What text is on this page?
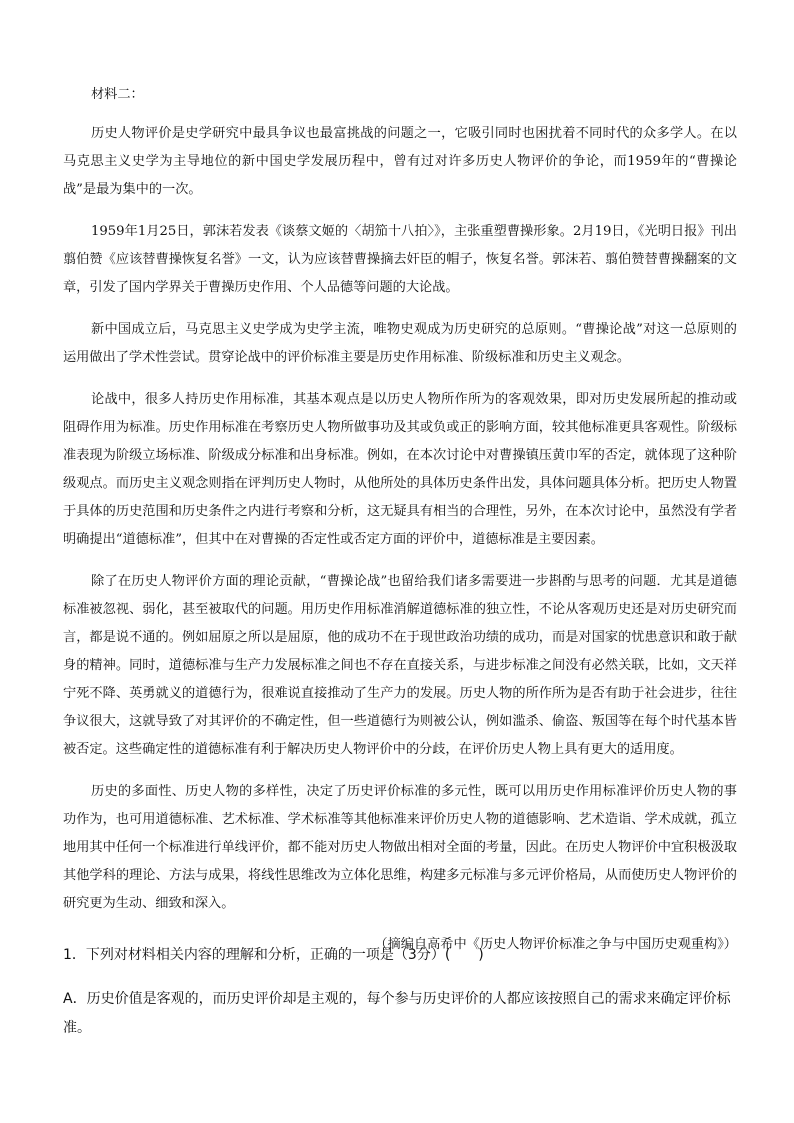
材料二：

历史人物评价是史学研究中最具争议也最富挑战的问题之一，它吸引同时也困扰着不同时代的众多学人。在以马克思主义史学为主导地位的新中国史学发展历程中，曾有过对许多历史人物评价的争论，而1959年的“曹操论战”是最为集中的一次。

1959年1月25日，郭沫若发表《谈蔡文姬的〈胡笳十八拍〉》，主张重塑曹操形象。2月19日，《光明日报》刊出翦伯赞《应该替曹操恢复名誉》一文，认为应该替曹操摘去奸臣的帽子，恢复名誉。郭沫若、翦伯赞替曹操翻案的文章，引发了国内学界关于曹操历史作用、个人品德等问题的大论战。

新中国成立后，马克思主义史学成为史学主流，唯物史观成为历史研究的总原则。“曹操论战”对这一总原则的运用做出了学术性尝试。贯穿论战中的评价标准主要是历史作用标准、阶级标准和历史主义观念。

论战中，很多人持历史作用标准，其基本观点是以历史人物所作所为的客观效果，即对历史发展所起的推动或阻碍作用为标准。历史作用标准在考察历史人物所做事功及其或负或正的影响方面，较其他标准更具客观性。阶级标准表现为阶级立场标准、阶级成分标准和出身标准。例如，在本次讨论中对曹操镇压黄巾军的否定，就体现了这种阶级观点。而历史主义观念则指在评判历史人物时，从他所处的具体历史条件出发，具体问题具体分析。把历史人物置于具体的历史范围和历史条件之内进行考察和分析，这无疑具有相当的合理性，另外，在本次讨论中，虽然没有学者明确提出“道德标准”，但其中在对曹操的否定性或否定方面的评价中，道德标准是主要因素。

除了在历史人物评价方面的理论贡献，“曹操论战”也留给我们诸多需要进一步斟酌与思考的问题．尤其是道德标准被忽视、弱化，甚至被取代的问题。用历史作用标准消解道德标准的独立性，不论从客观历史还是对历史研究而言，都是说不通的。例如屈原之所以是屈原，他的成功不在于现世政治功绩的成功，而是对国家的忧患意识和敢于献身的精神。同时，道德标准与生产力发展标准之间也不存在直接关系，与进步标准之间没有必然关联，比如，文天祥宁死不降、英勇就义的道德行为，很难说直接推动了生产力的发展。历史人物的所作所为是否有助于社会进步，往往争议很大，这就导致了对其评价的不确定性，但一些道德行为则被公认，例如滥杀、偷盗、叛国等在每个时代基本皆被否定。这些确定性的道德标准有利于解决历史人物评价中的分歧，在评价历史人物上具有更大的适用度。

历史的多面性、历史人物的多样性，决定了历史评价标准的多元性，既可以用历史作用标准评价历史人物的事功作为，也可用道德标准、艺术标准、学术标准等其他标准来评价历史人物的道德影响、艺术造诣、学术成就，孤立地用其中任何一个标准进行单线评价，都不能对历史人物做出相对全面的考量，因此。在历史人物评价中宜积极汲取其他学科的理论、方法与成果，将线性思维改为立体化思维，构建多元标准与多元评价格局，从而使历史人物评价的研究更为生动、细致和深入。

（摘编自高希中《历史人物评价标准之争与中国历史观重构》）
1．下列对材料相关内容的理解和分析，正确的一项是（3分）(　　)
A．历史价值是客观的，而历史评价却是主观的，每个参与历史评价的人都应该按照自己的需求来确定评价标准。
